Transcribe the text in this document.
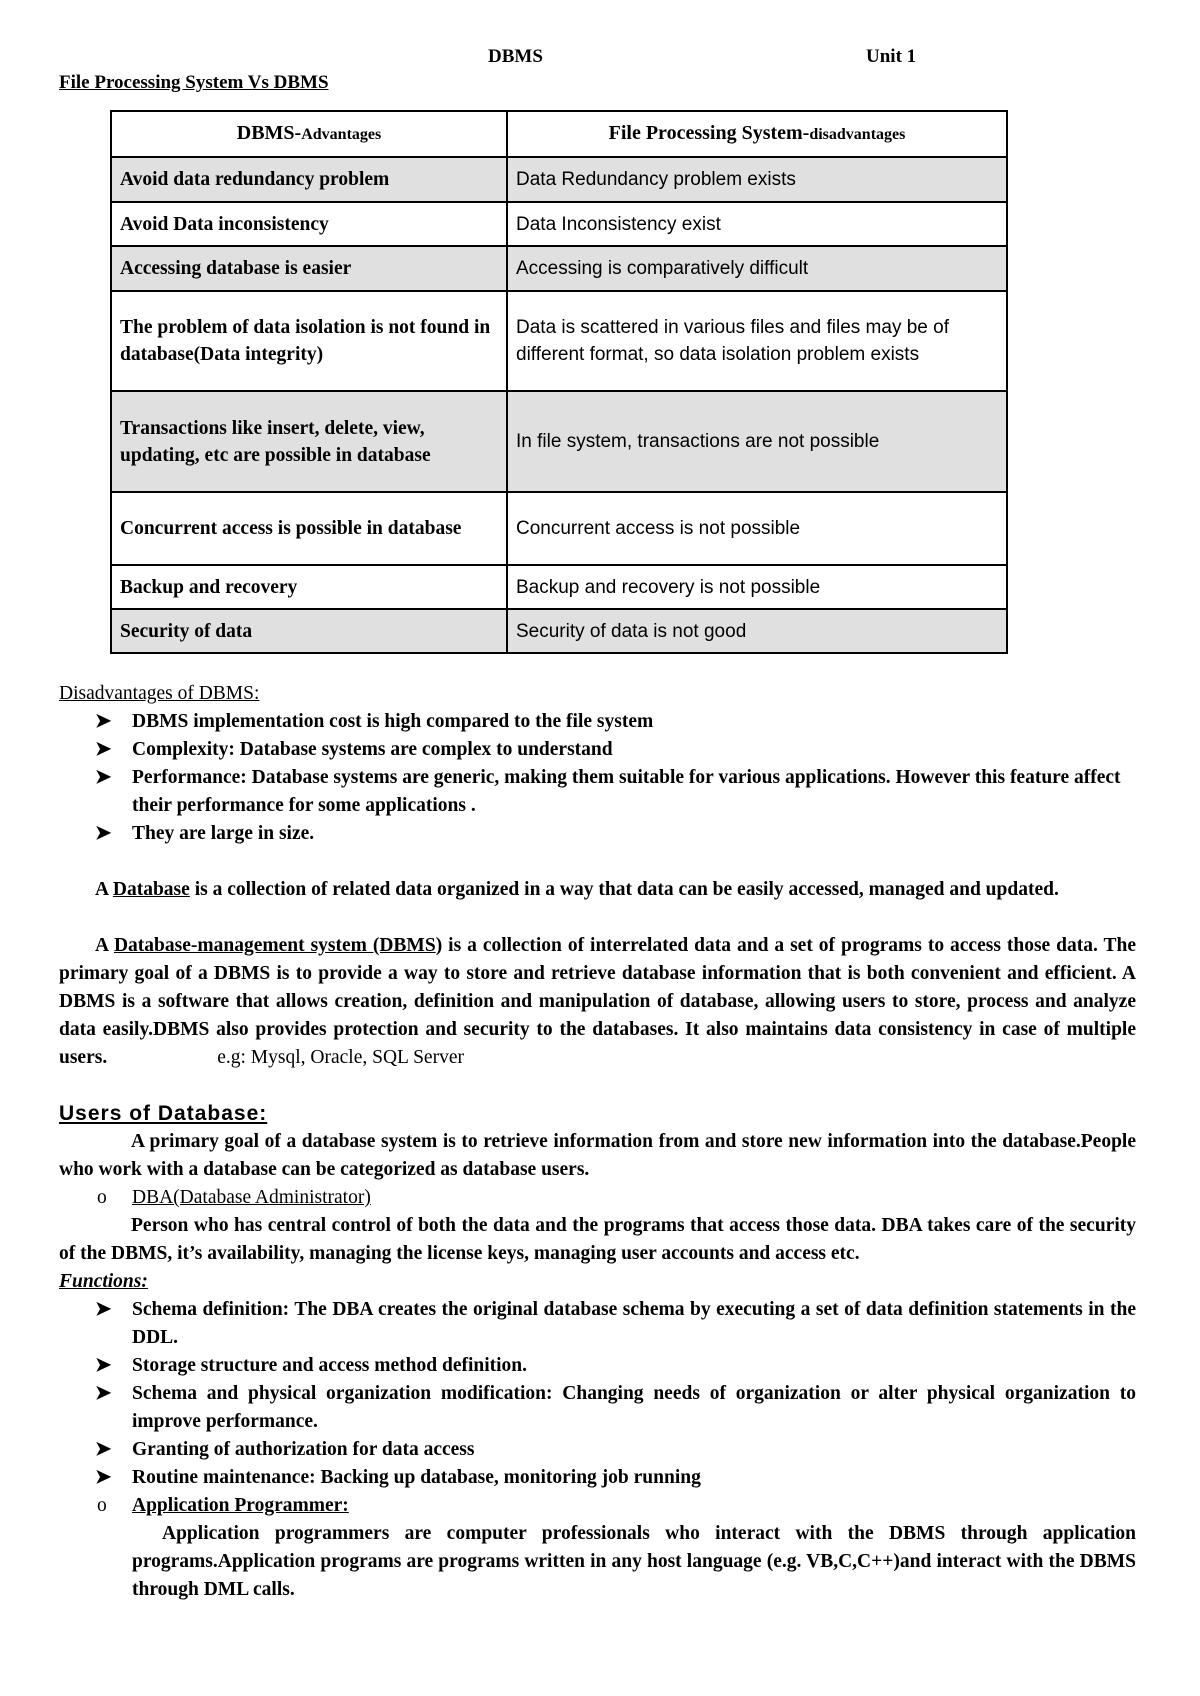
DBMS	Unit 1
File Processing System Vs DBMS
DBMS-Advantages	File Processing System-disadvantages
Avoid data redundancy problem	Data Redundancy problem exists
Avoid Data inconsistency	Data Inconsistency exist
Accessing database is easier	Accessing is comparatively difficult
The problem of data isolation is not found in database(Data integrity)	Data is scattered in various files and files may be of different format, so data isolation problem exists
Transactions like insert, delete, view, updating, etc are possible in database	In file system, transactions are not possible
Concurrent access is possible in database	Concurrent access is not possible
Backup and recovery	Backup and recovery is not possible
Security of data	Security of data is not good
Disadvantages of DBMS:
➤ DBMS implementation cost is high compared to the file system
➤ Complexity: Database systems are complex to understand
➤ Performance: Database systems are generic, making them suitable for various applications. However this feature affect their performance for some applications .
➤ They are large in size.
A Database is a collection of related data organized in a way that data can be easily accessed, managed and updated.
A Database-management system (DBMS) is a collection of interrelated data and a set of programs to access those data. The primary goal of a DBMS is to provide a way to store and retrieve database information that is both convenient and efficient. A DBMS is a software that allows creation, definition and manipulation of database, allowing users to store, process and analyze data easily.DBMS also provides protection and security to the databases. It also maintains data consistency in case of multiple users.	e.g: Mysql, Oracle, SQL Server
Users of Database:
A primary goal of a database system is to retrieve information from and store new information into the database.People who work with a database can be categorized as database users.
o DBA(Database Administrator)
Person who has central control of both the data and the programs that access those data. DBA takes care of the security of the DBMS, it’s availability, managing the license keys, managing user accounts and access etc.
Functions:
➤ Schema definition: The DBA creates the original database schema by executing a set of data definition statements in the DDL.
➤ Storage structure and access method definition.
➤ Schema and physical organization modification: Changing needs of organization or alter physical organization to improve performance.
➤ Granting of authorization for data access
➤ Routine maintenance: Backing up database, monitoring job running
o Application Programmer:
Application programmers are computer professionals who interact with the DBMS through application programs.Application programs are programs written in any host language (e.g. VB,C,C++)and interact with the DBMS through DML calls.
